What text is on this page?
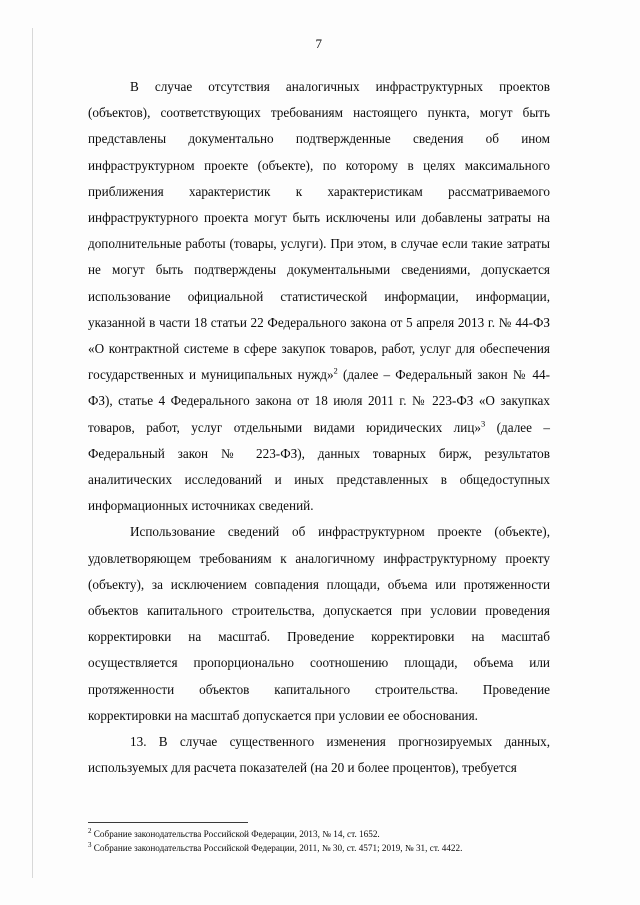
7

В случае отсутствия аналогичных инфраструктурных проектов (объектов), соответствующих требованиям настоящего пункта, могут быть представлены документально подтвержденные сведения об ином инфраструктурном проекте (объекте), по которому в целях максимального приближения характеристик к характеристикам рассматриваемого инфраструктурного проекта могут быть исключены или добавлены затраты на дополнительные работы (товары, услуги). При этом, в случае если такие затраты не могут быть подтверждены документальными сведениями, допускается использование официальной статистической информации, информации, указанной в части 18 статьи 22 Федерального закона от 5 апреля 2013 г. № 44-ФЗ «О контрактной системе в сфере закупок товаров, работ, услуг для обеспечения государственных и муниципальных нужд»$^2$ (далее – Федеральный закон № 44-ФЗ), статье 4 Федерального закона от 18 июля 2011 г. № 223-ФЗ «О закупках товаров, работ, услуг отдельными видами юридических лиц»$^3$ (далее – Федеральный закон № 223-ФЗ), данных товарных бирж, результатов аналитических исследований и иных представленных в общедоступных информационных источниках сведений.

Использование сведений об инфраструктурном проекте (объекте), удовлетворяющем требованиям к аналогичному инфраструктурному проекту (объекту), за исключением совпадения площади, объема или протяженности объектов капитального строительства, допускается при условии проведения корректировки на масштаб. Проведение корректировки на масштаб осуществляется пропорционально соотношению площади, объема или протяженности объектов капитального строительства. Проведение корректировки на масштаб допускается при условии ее обоснования.

13. В случае существенного изменения прогнозируемых данных, используемых для расчета показателей (на 20 и более процентов), требуется

$^2$ Собрание законодательства Российской Федерации, 2013, № 14, ст. 1652.

$^3$ Собрание законодательства Российской Федерации, 2011, № 30, ст. 4571; 2019, № 31, ст. 4422.
